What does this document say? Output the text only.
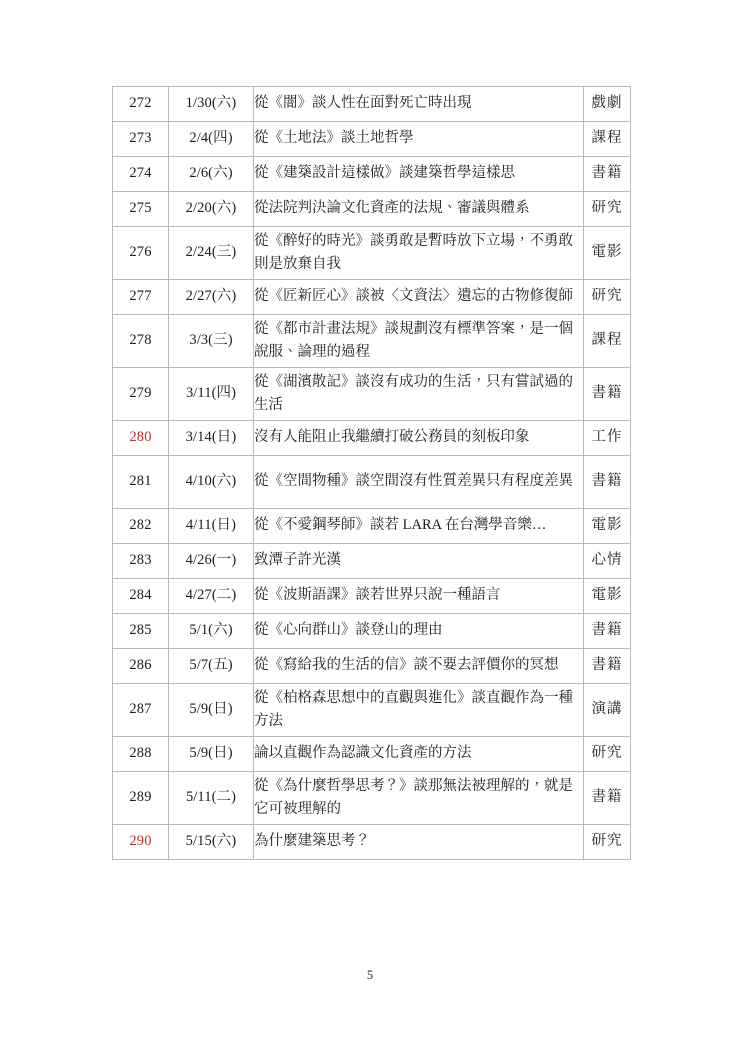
272	1/30(六)	從《闇》談人性在面對死亡時出現	戲劇
273	2/4(四)	從《土地法》談土地哲學	課程
274	2/6(六)	從《建築設計這樣做》談建築哲學這樣思	書籍
275	2/20(六)	從法院判決論文化資產的法規、審議與體系	研究
276	2/24(三)	從《醉好的時光》談勇敢是暫時放下立場，不勇敢則是放棄自我	電影
277	2/27(六)	從《匠新匠心》談被〈文資法〉遺忘的古物修復師	研究
278	3/3(三)	從《都市計畫法規》談規劃沒有標準答案，是一個說服、論理的過程	課程
279	3/11(四)	從《湖濱散記》談沒有成功的生活，只有嘗試過的生活	書籍
280	3/14(日)	沒有人能阻止我繼續打破公務員的刻板印象	工作
281	4/10(六)	從《空間物種》談空間沒有性質差異只有程度差異	書籍
282	4/11(日)	從《不愛鋼琴師》談若 LARA 在台灣學音樂…	電影
283	4/26(一)	致潭子許光漢	心情
284	4/27(二)	從《波斯語課》談若世界只說一種語言	電影
285	5/1(六)	從《心向群山》談登山的理由	書籍
286	5/7(五)	從《寫給我的生活的信》談不要去評價你的冥想	書籍
287	5/9(日)	從《柏格森思想中的直觀與進化》談直觀作為一種方法	演講
288	5/9(日)	論以直觀作為認識文化資產的方法	研究
289	5/11(二)	從《為什麼哲學思考？》談那無法被理解的，就是它可被理解的	書籍
290	5/15(六)	為什麼建築思考？	研究
5
